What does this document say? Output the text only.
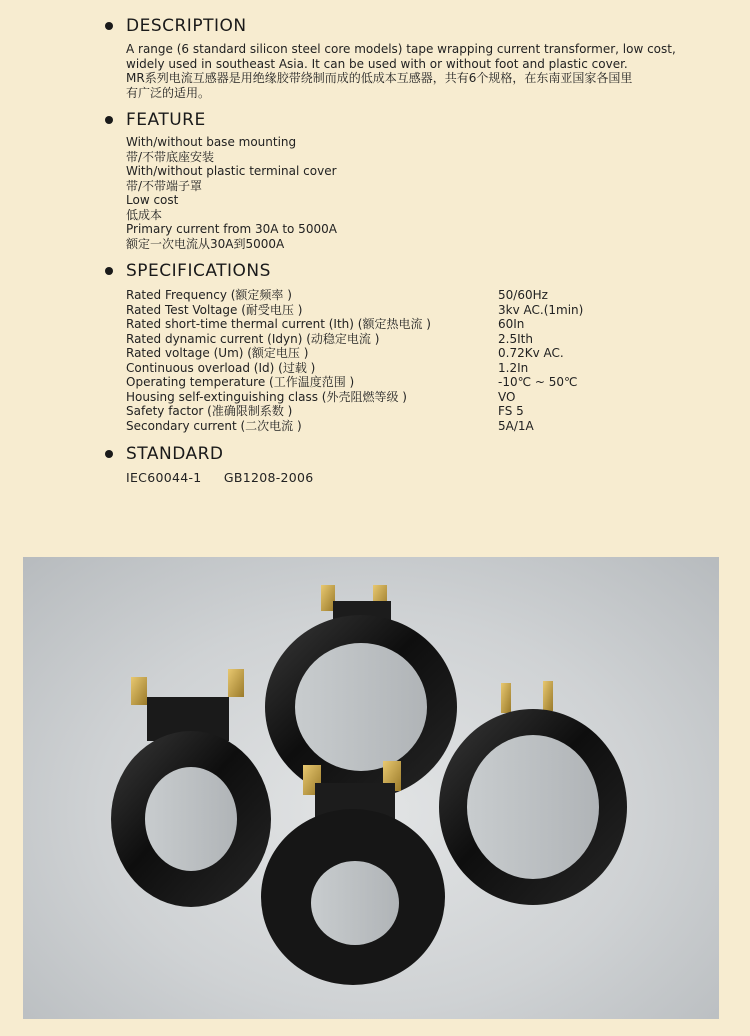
DESCRIPTION
A range (6 standard silicon steel core models) tape wrapping current transformer, low cost,
widely used in southeast Asia. It can be used with or without foot and plastic cover.
MR系列电流互感器是用绝缘胶带绕制而成的低成本互感器，共有6个规格，在东南亚国家各国里
有广泛的适用。
FEATURE
With/without base mounting
带/不带底座安装
With/without plastic terminal cover
带/不带端子罩
Low cost
低成本
Primary current from 30A to 5000A
额定一次电流从30A到5000A
SPECIFICATIONS
Rated Frequency (额定频率 )	50/60Hz
Rated Test Voltage (耐受电压 )	3kv AC.(1min)
Rated short-time thermal current (Ith) (额定热电流 )	60In
Rated dynamic current (Idyn) (动稳定电流 )	2.5Ith
Rated voltage (Um) (额定电压 )	0.72Kv AC.
Continuous overload (Id) (过载 )	1.2In
Operating temperature (工作温度范围 )	-10℃ ~ 50℃
Housing self-extinguishing class (外壳阻燃等级 )	VO
Safety factor (准确限制系数 )	FS 5
Secondary current (二次电流 )	5A/1A
STANDARD
IEC60044-1 GB1208-2006
